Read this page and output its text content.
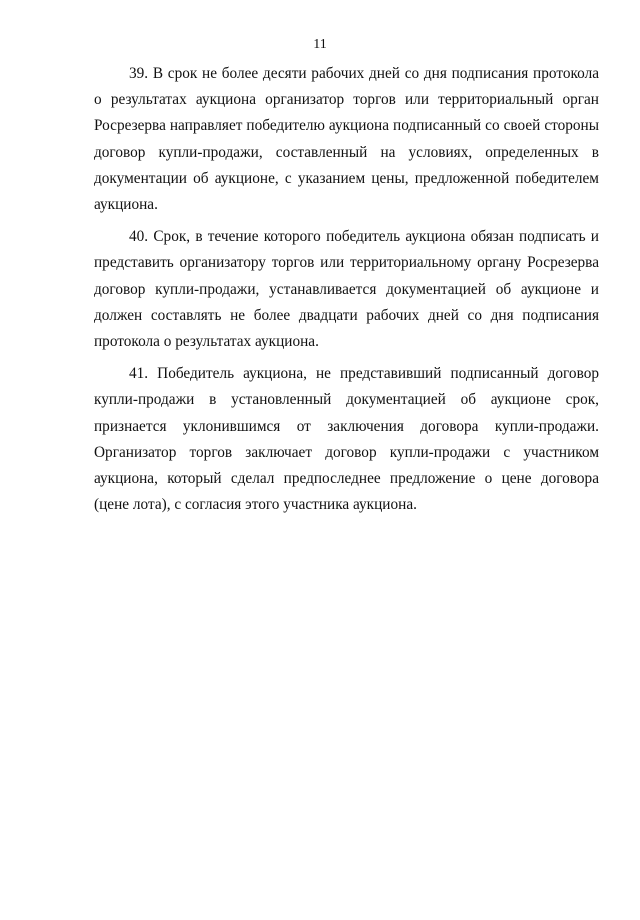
11

39. В срок не более десяти рабочих дней со дня подписания протокола о результатах аукциона организатор торгов или территориальный орган Росрезерва направляет победителю аукциона подписанный со своей стороны договор купли-продажи, составленный на условиях, определенных в документации об аукционе, с указанием цены, предложенной победителем аукциона.

40. Срок, в течение которого победитель аукциона обязан подписать и представить организатору торгов или территориальному органу Росрезерва договор купли-продажи, устанавливается документацией об аукционе и должен составлять не более двадцати рабочих дней со дня подписания протокола о результатах аукциона.

41. Победитель аукциона, не представивший подписанный договор купли-продажи в установленный документацией об аукционе срок, признается уклонившимся от заключения договора купли-продажи. Организатор торгов заключает договор купли-продажи с участником аукциона, который сделал предпоследнее предложение о цене договора (цене лота), с согласия этого участника аукциона.
